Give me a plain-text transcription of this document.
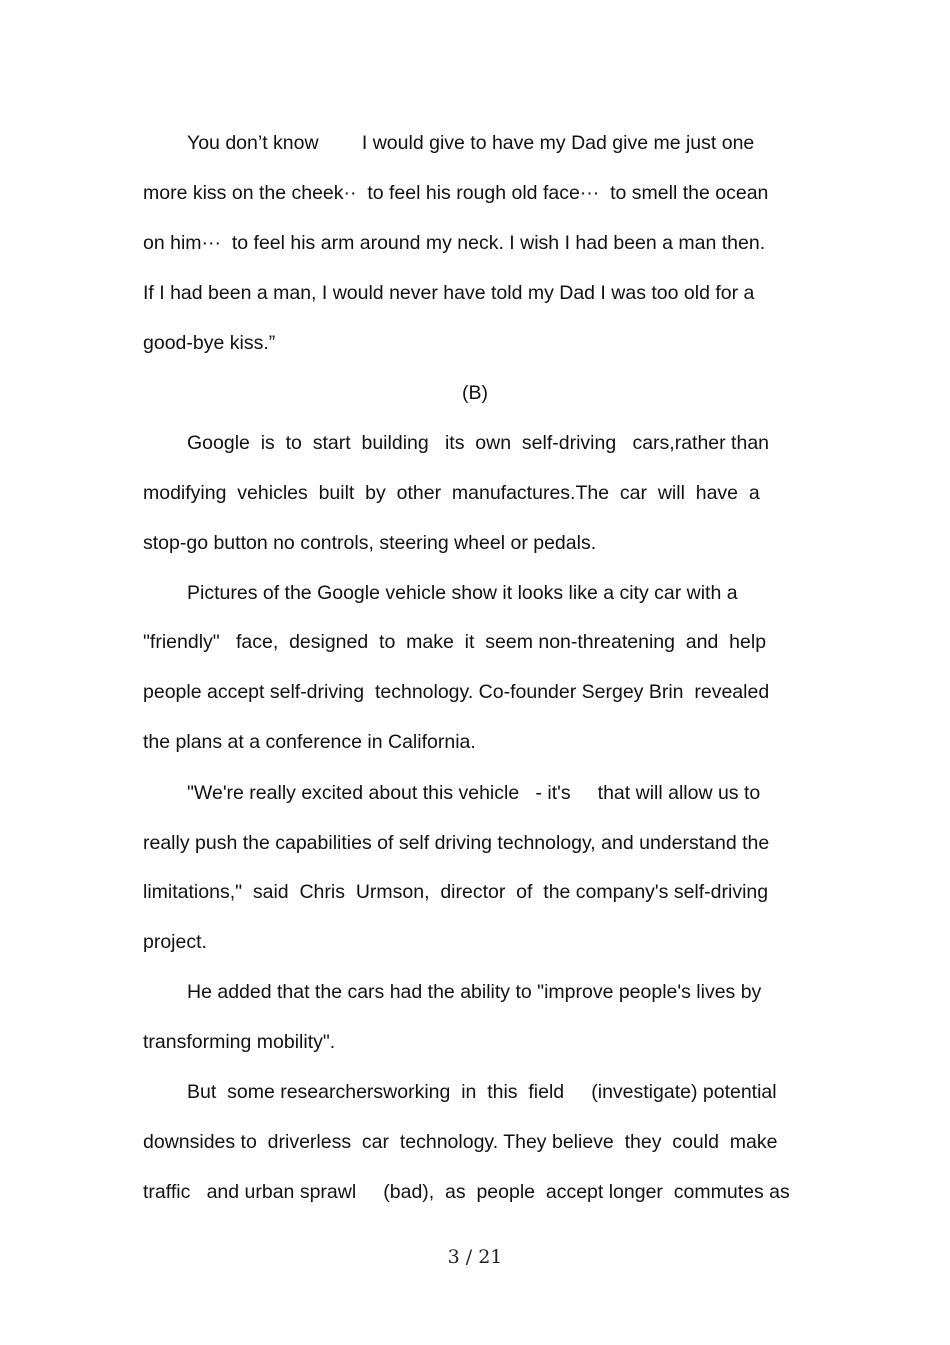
You don’t know        I would give to have my Dad give me just one
more kiss on the cheek··  to feel his rough old face···  to smell the ocean
on him···  to feel his arm around my neck. I wish I had been a man then.
If I had been a man, I would never have told my Dad I was too old for a
good-bye kiss.”
(B)
Google  is  to  start  building   its  own  self-driving   cars,rather than
modifying  vehicles  built  by  other  manufactures.The  car  will  have  a
stop-go button no controls, steering wheel or pedals.
Pictures of the Google vehicle show it looks like a city car with a
"friendly"   face,  designed  to  make  it  seem non-threatening  and  help
people accept self-driving  technology. Co-founder Sergey Brin  revealed
the plans at a conference in California.
"We're really excited about this vehicle   - it's     that will allow us to
really push the capabilities of self driving technology, and understand the
limitations,"  said  Chris  Urmson,  director  of  the company's self-driving
project.
He added that the cars had the ability to "improve people's lives by
transforming mobility".
But  some researchersworking  in  this  field     (investigate) potential
downsides to  driverless  car  technology. They believe  they  could  make
traffic   and urban sprawl     (bad),  as  people  accept longer  commutes as
3 / 21
